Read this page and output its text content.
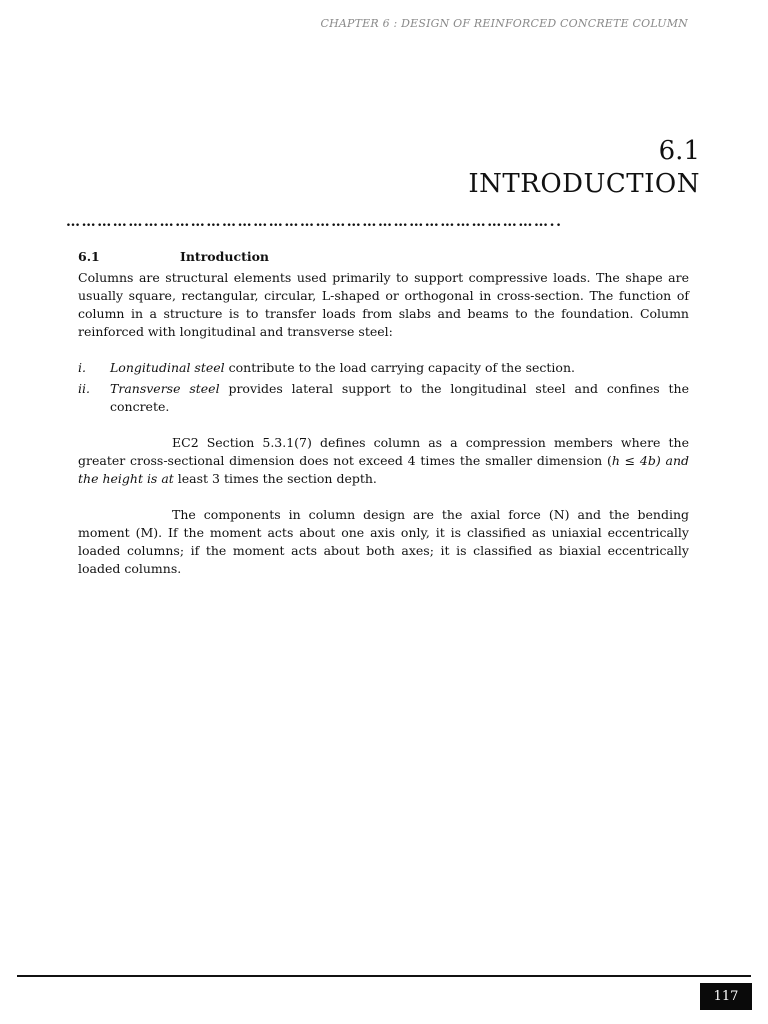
CHAPTER 6 : DESIGN OF REINFORCED CONCRETE COLUMN
6.1
INTRODUCTION
…………………………………………………………………………………..
6.1	Introduction

Columns are structural elements used primarily to support compressive loads. The shape are usually square, rectangular, circular, L-shaped or orthogonal in cross-section. The function of column in a structure is to transfer loads from slabs and beams to the foundation. Column reinforced with longitudinal and transverse steel:

i.	Longitudinal steel contribute to the load carrying capacity of the section.
ii.	Transverse steel provides lateral support to the longitudinal steel and confines the concrete.

EC2 Section 5.3.1(7) defines column as a compression members where the greater cross-sectional dimension does not exceed 4 times the smaller dimension (h ≤ 4b) and the height is at least 3 times the section depth.

The components in column design are the axial force (N) and the bending moment (M). If the moment acts about one axis only, it is classified as uniaxial eccentrically loaded columns; if the moment acts about both axes; it is classified as biaxial eccentrically loaded columns.

117
